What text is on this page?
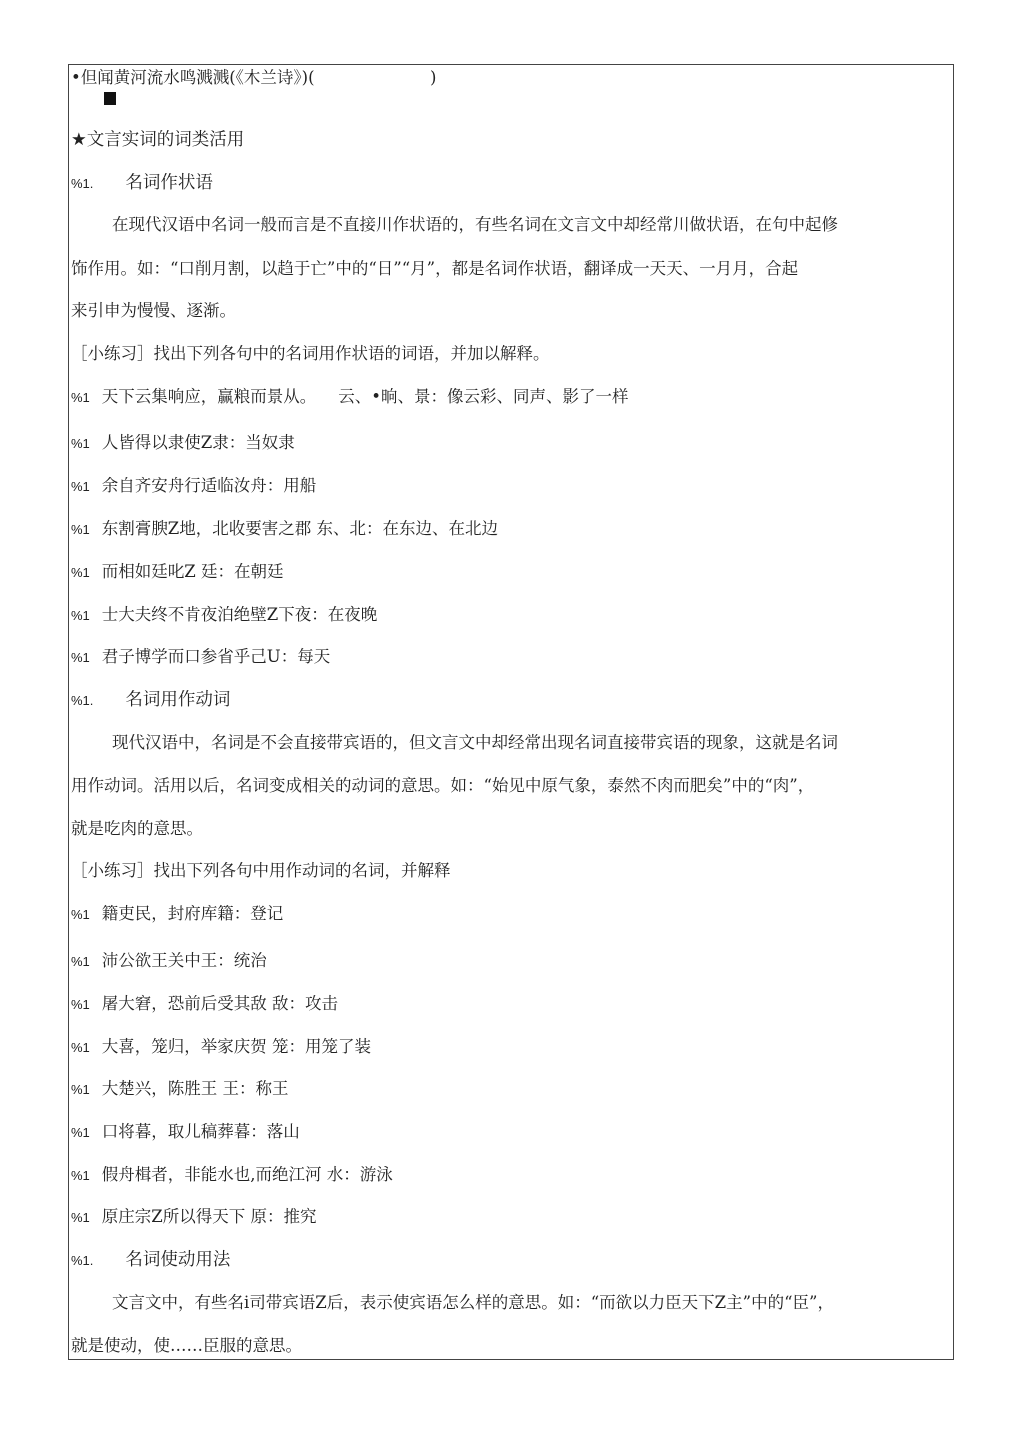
•但闻黄河流水鸣溅溅(《木兰诗》)(　　　　　　　)
★文言实词的词类活用
%1. 名词作状语
在现代汉语中名词一般而言是不直接川作状语的，有些名词在文言文中却经常川做状语，在句中起修
饰作用。如：“口削月割，以趋于亡”中的“日”“月”，都是名词作状语，翻译成一天天、一月月，合起
来引申为慢慢、逐渐。
［小练习］找出下列各句中的名词用作状语的词语，并加以解释。
%1 天下云集响应，赢粮而景从。 云、•晌、景：像云彩、同声、影了一样
%1 人皆得以隶使Z隶：当奴隶
%1 余自齐安舟行适临汝舟：用船
%1 东割膏腴Z地，北收要害之郡 东、北：在东边、在北边
%1 而相如廷叱Z 廷：在朝廷
%1 士大夫终不肯夜泊绝壁Z下夜：在夜晚
%1 君子博学而口参省乎己U：每天
%1. 名词用作动词
现代汉语中，名词是不会直接带宾语的，但文言文中却经常出现名词直接带宾语的现象，这就是名词
用作动词。活用以后，名词变成相关的动词的意思。如：“始见中原气象，泰然不肉而肥矣”中的“肉”，
就是吃肉的意思。
［小练习］找出下列各句中用作动词的名词，并解释
%1 籍吏民，封府库籍：登记
%1 沛公欲王关中王：统治
%1 屠大窘，恐前后受其敌 敌：攻击
%1 大喜，笼归，举家庆贺 笼：用笼了装
%1 大楚兴，陈胜王 王：称王
%1 口将暮，取儿稿葬暮：落山
%1 假舟楫者，非能水也,而绝江河 水：游泳
%1 原庄宗Z所以得天下 原：推究
%1. 名词使动用法
文言文中，有些名i司带宾语Z后，表示使宾语怎么样的意思。如：“而欲以力臣天下Z主”中的“臣”，
就是使动，使……臣服的意思。
